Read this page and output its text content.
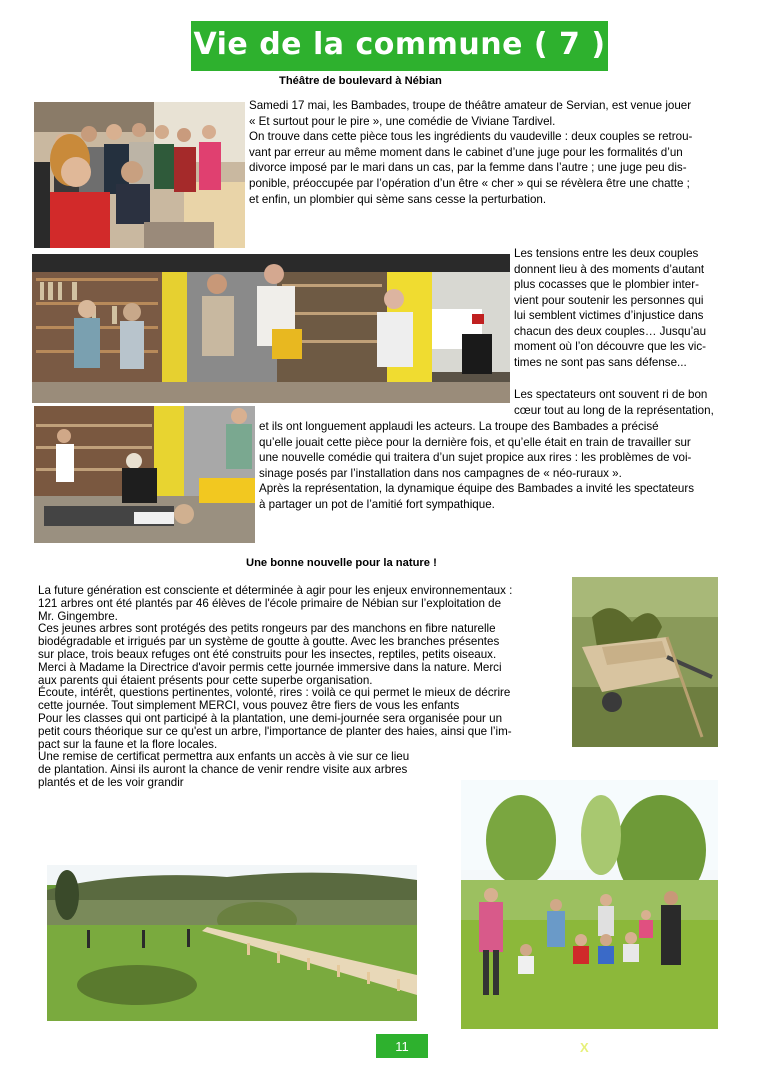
Vie de la commune ( 7 )
Théâtre de boulevard à Nébian
Samedi 17 mai, les Bambades, troupe de théâtre amateur de Servian, est venue jouer
« Et surtout pour le pire », une comédie de Viviane Tardivel.
On trouve dans cette pièce tous les ingrédients du vaudeville : deux couples se retrou-
vant par erreur au même moment dans le cabinet d’une juge pour les formalités d’un
divorce imposé par le mari dans un cas, par la femme dans l’autre ; une juge peu dis-
ponible, préoccupée par l’opération d’un être « cher » qui se révèlera être une chatte ;
et enfin, un plombier qui sème sans cesse la perturbation.
Les tensions entre les deux couples
donnent lieu à des moments d’autant
plus cocasses que le plombier inter-
vient pour soutenir les personnes qui
lui semblent victimes d’injustice dans
chacun des deux couples… Jusqu’au
moment où l’on découvre que les vic-
times ne sont pas sans défense...
Les spectateurs ont souvent ri de bon
cœur tout au long de la représentation,
et ils ont longuement applaudi les acteurs. La troupe des Bambades a précisé
qu’elle jouait cette pièce pour la dernière fois, et qu’elle était en train de travailler sur
une nouvelle comédie qui traitera d’un sujet propice aux rires : les problèmes de voi-
sinage posés par l’installation dans nos campagnes de « néo-ruraux ».
Après la représentation, la dynamique équipe des Bambades a invité les spectateurs
à partager un pot de l’amitié fort sympathique.
Une bonne nouvelle pour la nature !
La future génération est consciente et déterminée à agir pour les enjeux environnementaux :
121 arbres ont été plantés par 46 élèves de l'école primaire de Nébian sur l’exploitation de
Mr. Gingembre.
Ces jeunes arbres sont protégés des petits rongeurs par des manchons en fibre naturelle
biodégradable et irrigués par un système de goutte à goutte. Avec les branches présentes
sur place, trois beaux refuges ont été construits pour les insectes, reptiles, petits oiseaux.
Merci à Madame la Directrice d'avoir permis cette journée immersive dans la nature. Merci
aux parents qui étaient présents pour cette superbe organisation.
Écoute, intérêt, questions pertinentes, volonté, rires : voilà ce qui permet le mieux de décrire
cette journée. Tout simplement MERCI, vous pouvez être fiers de vous les enfants
Pour les classes qui ont participé à la plantation, une demi-journée sera organisée pour un
petit cours théorique sur ce qu'est un arbre, l'importance de planter des haies, ainsi que l’im-
pact sur la faune et la flore locales.
Une remise de certificat permettra aux enfants un accès à vie sur ce lieu
de plantation. Ainsi ils auront la chance de venir rendre visite aux arbres
plantés et de les voir grandir
11	X
